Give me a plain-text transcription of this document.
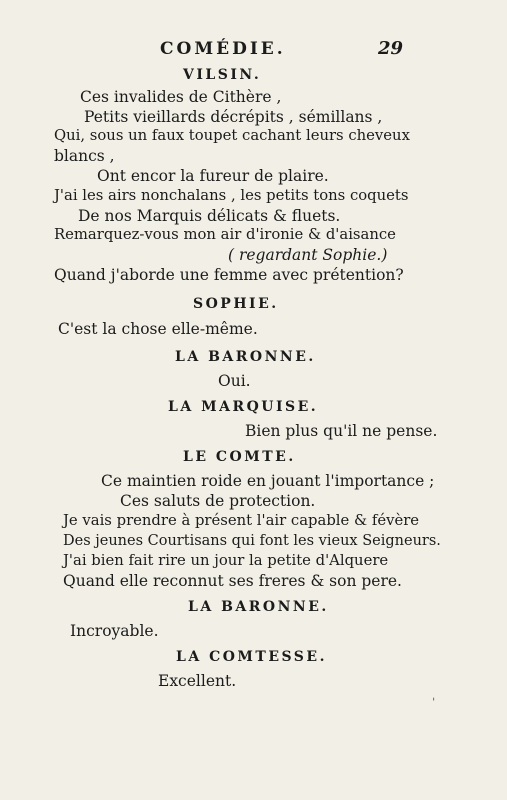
COMÉDIE.	29
VILSIN.
Ces invalides de Cithère ,
Petits vieillards décrépits , sémillans ,
Qui, sous un faux toupet cachant leurs cheveux
blancs ,
Ont encor la fureur de plaire.
J'ai les airs nonchalans , les petits tons coquets
De nos Marquis délicats & fluets.
Remarquez-vous mon air d'ironie & d'aisance
( regardant Sophie.)
Quand j'aborde une femme avec prétention?
SOPHIE.
C'est la chose elle-même.
LA BARONNE.
Oui.
LA MARQUISE.
Bien plus qu'il ne pense.
LE COMTE.
Ce maintien roide en jouant l'importance ;
Ces saluts de protection.
Je vais prendre à présent l'air capable & févère
Des jeunes Courtisans qui font les vieux Seigneurs.
J'ai bien fait rire un jour la petite d'Alquere
Quand elle reconnut ses freres & son pere.
LA BARONNE.
Incroyable.
LA COMTESSE.
Excellent.
ˌ
